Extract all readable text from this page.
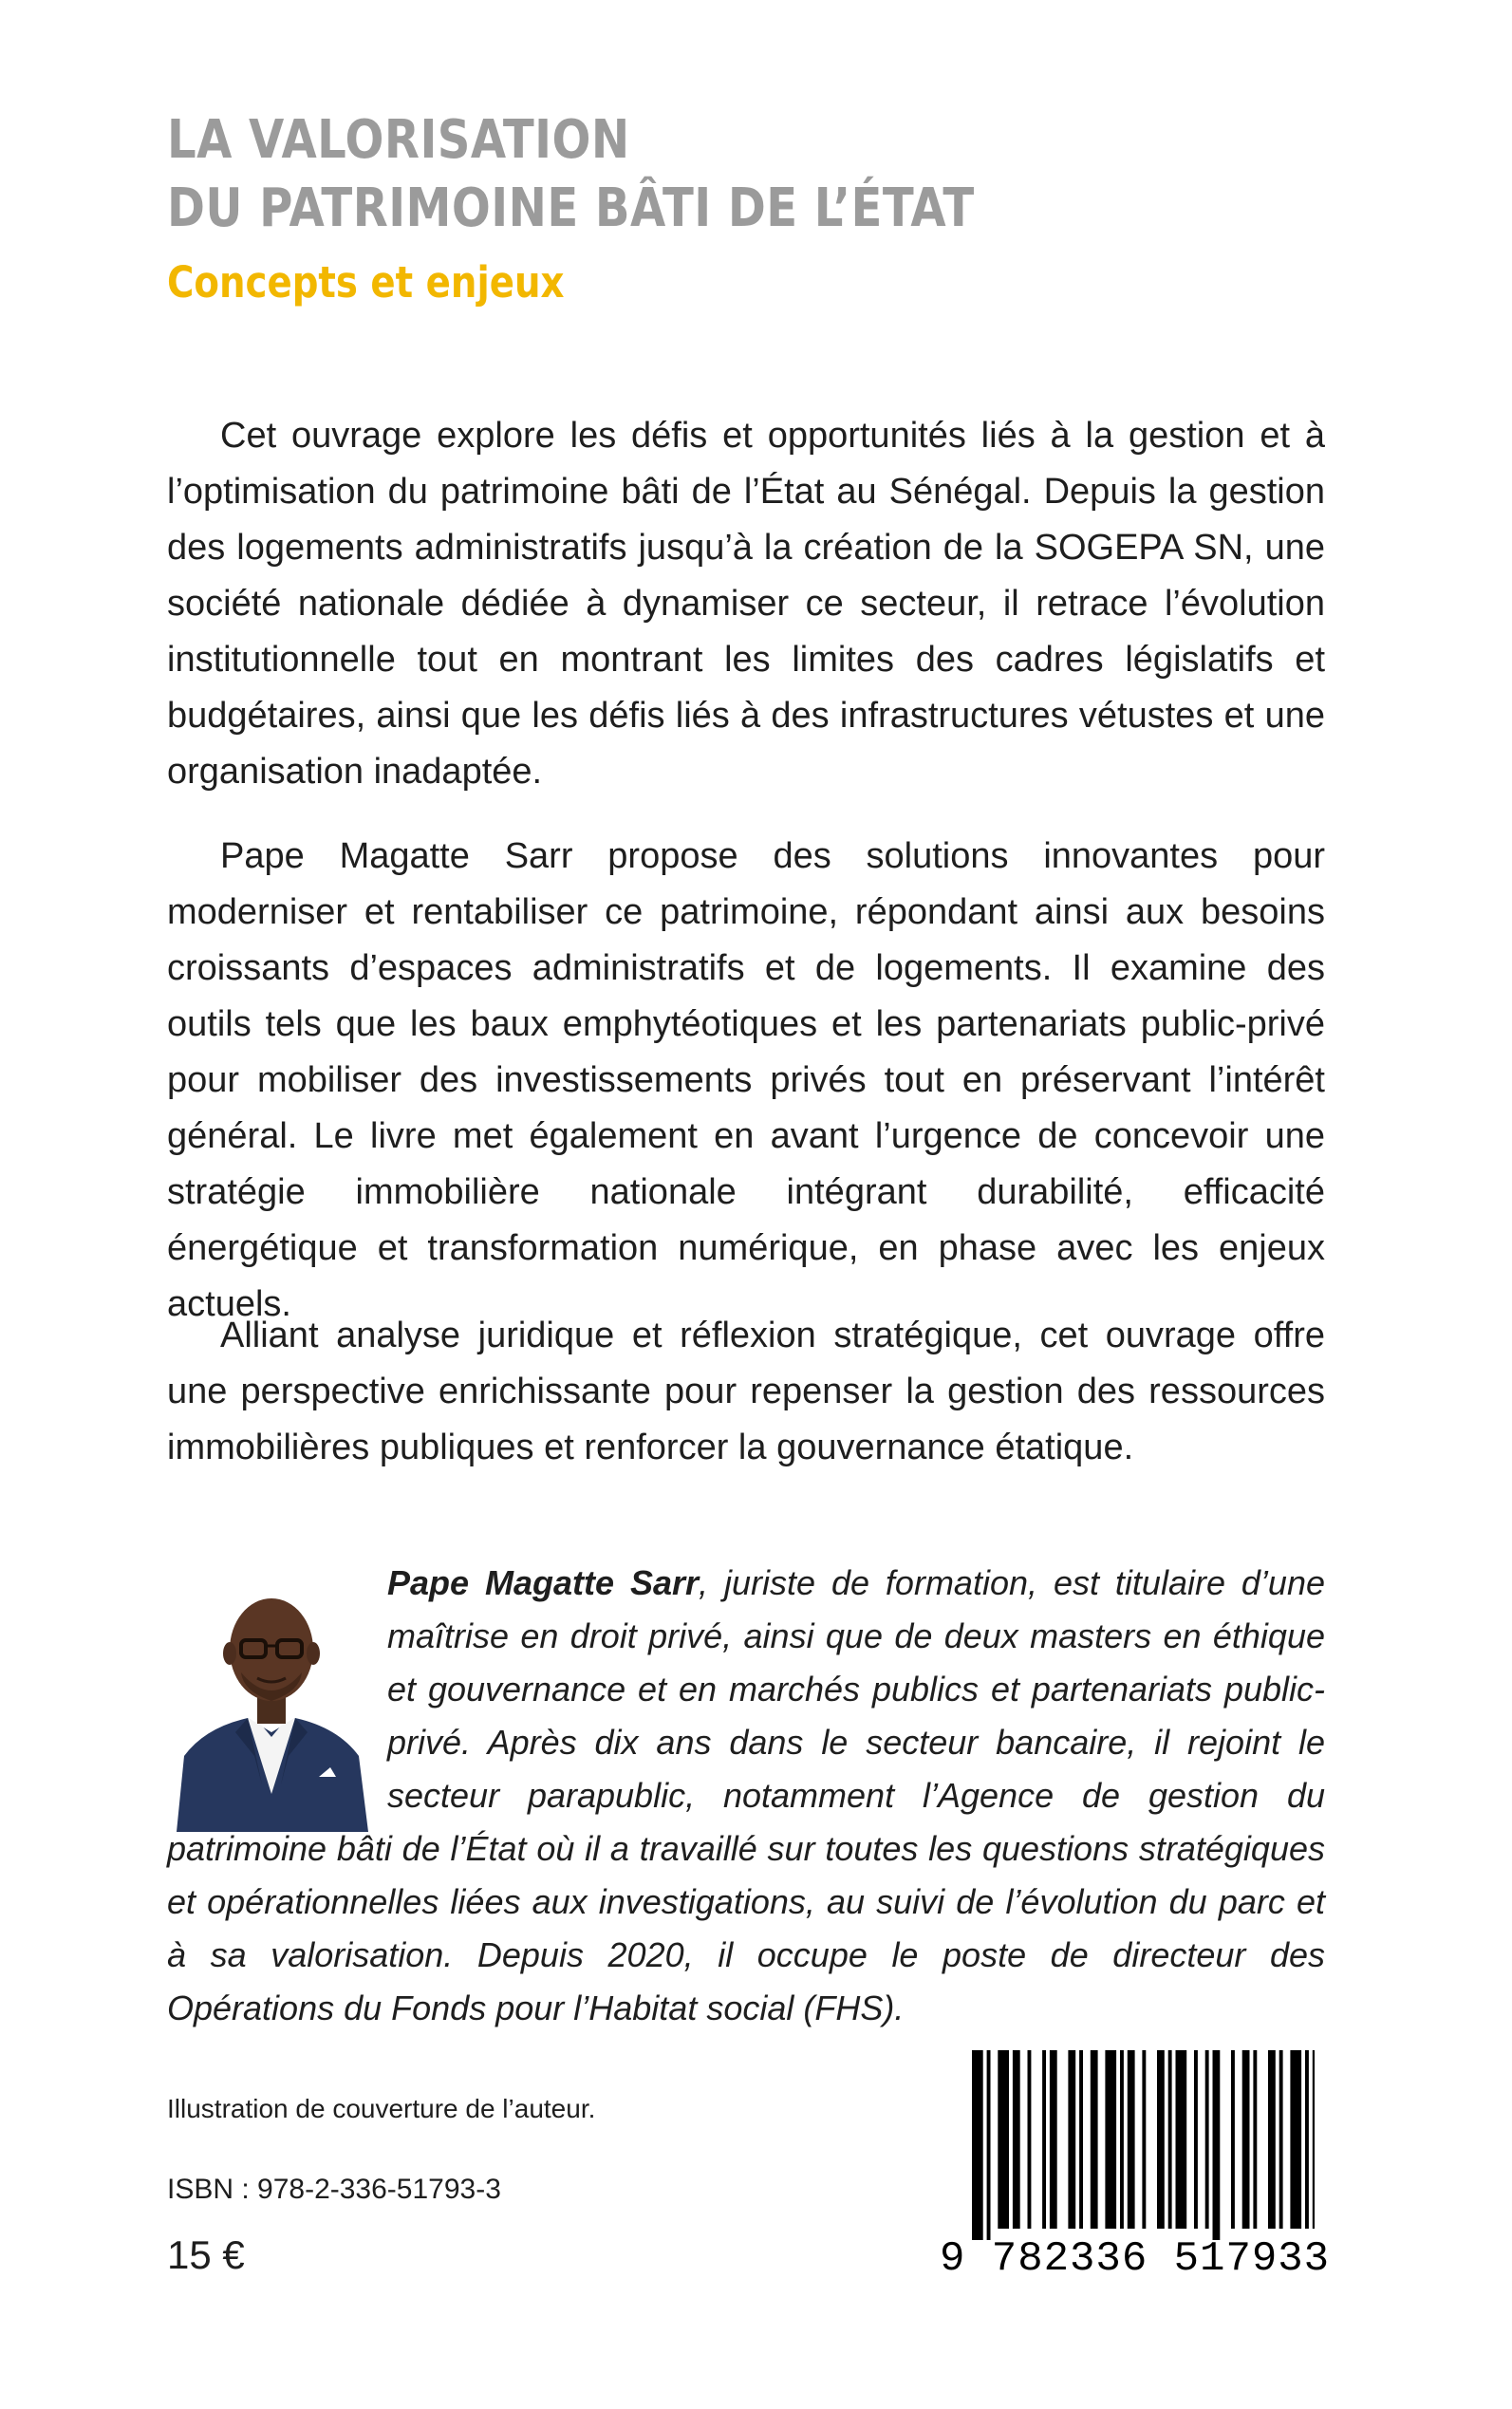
LA VALORISATION
DU PATRIMOINE BÂTI DE L’ÉTAT
Concepts et enjeux

Cet ouvrage explore les défis et opportunités liés à la gestion et à l’optimisation du patrimoine bâti de l’État au Sénégal. Depuis la gestion des logements administratifs jusqu’à la création de la SOGEPA SN, une société nationale dédiée à dynamiser ce secteur, il retrace l’évolution institutionnelle tout en montrant les limites des cadres législatifs et budgétaires, ainsi que les défis liés à des infrastructures vétustes et une organisation inadaptée.

Pape Magatte Sarr propose des solutions innovantes pour moderniser et rentabiliser ce patrimoine, répondant ainsi aux besoins croissants d’espaces administratifs et de logements. Il examine des outils tels que les baux emphytéotiques et les partenariats public-privé pour mobiliser des investissements privés tout en préservant l’intérêt général. Le livre met également en avant l’urgence de concevoir une stratégie immobilière nationale intégrant durabilité, efficacité énergétique et transformation numérique, en phase avec les enjeux actuels.

Alliant analyse juridique et réflexion stratégique, cet ouvrage offre une perspective enrichissante pour repenser la gestion des ressources immobilières publiques et renforcer la gouvernance étatique.

Pape Magatte Sarr, juriste de formation, est titulaire d’une maîtrise en droit privé, ainsi que de deux masters en éthique et gouvernance et en marchés publics et partenariats public-privé. Après dix ans dans le secteur bancaire, il rejoint le secteur parapublic, notamment l’Agence de gestion du patrimoine bâti de l’État où il a travaillé sur toutes les questions stratégiques et opérationnelles liées aux investigations, au suivi de l’évolution du parc et à sa valorisation. Depuis 2020, il occupe le poste de directeur des Opérations du Fonds pour l’Habitat social (FHS).

Illustration de couverture de l’auteur.
ISBN : 978-2-336-51793-3
15 €	9 782336 517933
